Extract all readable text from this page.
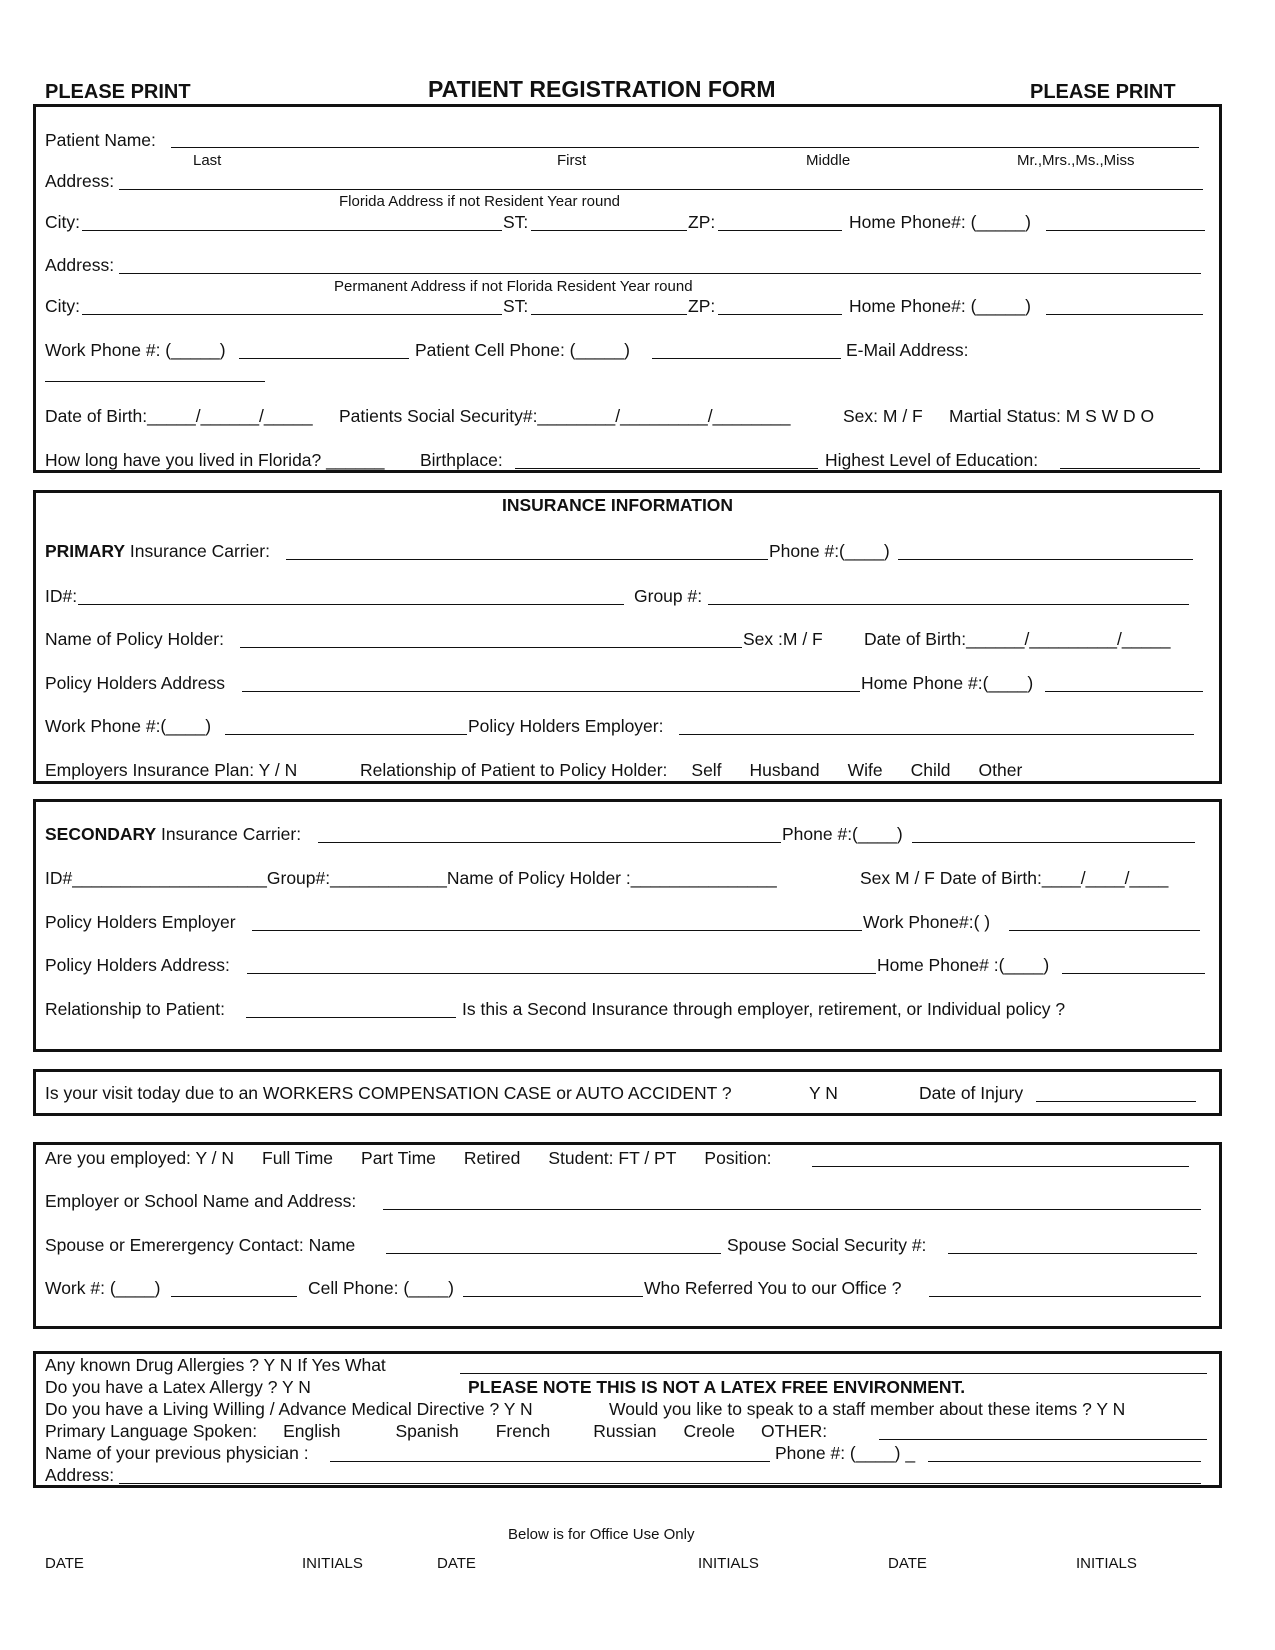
PLEASE PRINT	PATIENT REGISTRATION FORM	PLEASE PRINT
Patient Name:
Last	First	Middle	Mr.,Mrs.,Ms.,Miss
Address:
Florida Address if not Resident Year round
City:	ST:	ZP:	Home Phone#: (_____)
Address:
Permanent Address if not Florida Resident Year round
City:	ST:	ZP:	Home Phone#: (_____)
Work Phone #: (_____)	Patient Cell Phone: (_____)	E-Mail Address:
Date of Birth:_____/______/_____ Patients Social Security#:________/_________/________	Sex: M / F Martial Status: M S W D O
How long have you lived in Florida? ______ Birthplace:	Highest Level of Education:
INSURANCE INFORMATION
PRIMARY Insurance Carrier:	Phone #:(____)
ID#:	Group #:
Name of Policy Holder:	Sex :M / F Date of Birth:______/_________/_____
Policy Holders Address	Home Phone #:(____)
Work Phone #:(____)	Policy Holders Employer:
Employers Insurance Plan: Y / N	Relationship of Patient to Policy Holder: Self Husband Wife Child Other
SECONDARY Insurance Carrier:	Phone #:(____)
ID#____________________Group#:____________Name of Policy Holder :_______________	Sex M / F Date of Birth:____/____/____
Policy Holders Employer	Work Phone#:( )
Policy Holders Address:	Home Phone# :(____)
Relationship to Patient:	Is this a Second Insurance through employer, retirement, or Individual policy ?
Is your visit today due to an WORKERS COMPENSATION CASE or AUTO ACCIDENT ?	Y N	Date of Injury
Are you employed: Y / N Full Time Part Time Retired Student: FT / PT Position:
Employer or School Name and Address:
Spouse or Emerergency Contact: Name	Spouse Social Security #:
Work #: (____)	Cell Phone: (____)	Who Referred You to our Office ?
Any known Drug Allergies ? Y N If Yes What
Do you have a Latex Allergy ? Y N	PLEASE NOTE THIS IS NOT A LATEX FREE ENVIRONMENT.
Do you have a Living Willing / Advance Medical Directive ? Y N	Would you like to speak to a staff member about these items ? Y N
Primary Language Spoken: English	Spanish French Russian Creole OTHER:
Name of your previous physician :	Phone #: (____) _
Address:
Below is for Office Use Only
DATE	INITIALS	DATE	INITIALS	DATE	INITIALS
